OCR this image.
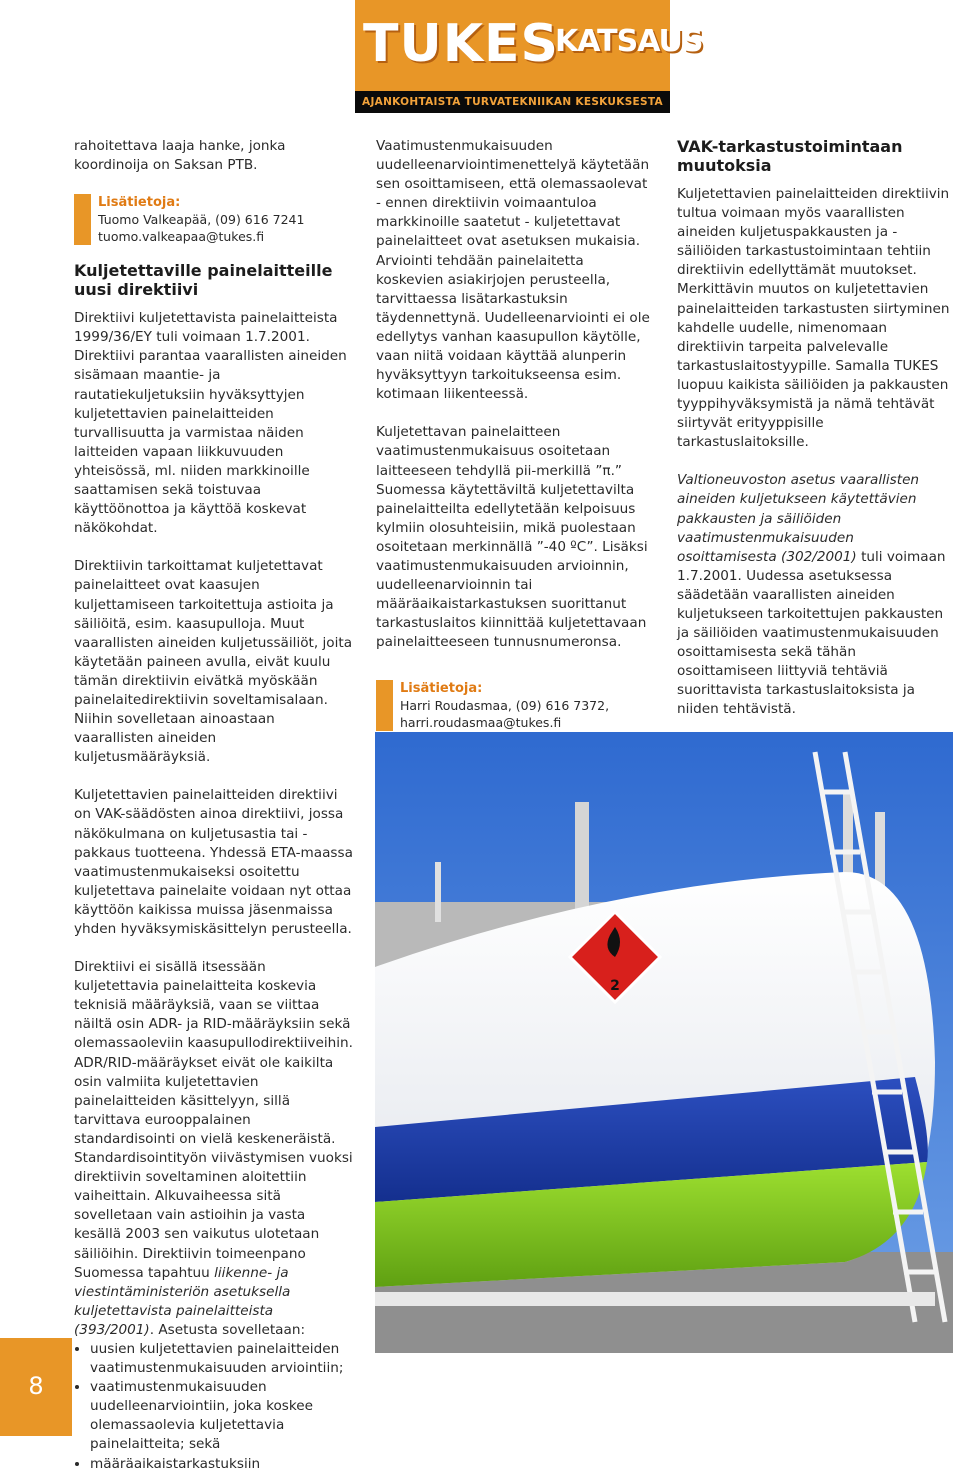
TUKES
KATSAUS
AJANKOHTAISTA TURVATEKNIIKAN KESKUKSESTA

rahoitettava laaja hanke, jonka koordinoija on Saksan PTB.

Lisätietoja:
Tuomo Valkeapää, (09) 616 7241
tuomo.valkeapaa@tukes.fi
Kuljetettaville painelaitteille uusi direktiivi

Direktiivi kuljetettavista painelaitteista 1999/36/EY tuli voimaan 1.7.2001. Direktiivi parantaa vaarallisten aineiden sisämaan maantie- ja rautatiekuljetuksiin hyväksyttyjen kuljetettavien painelaitteiden turvallisuutta ja varmistaa näiden laitteiden vapaan liikkuvuuden yhteisössä, ml. niiden markkinoille saattamisen sekä toistuvaa käyttöönottoa ja käyttöä koskevat näkökohdat.

Direktiivin tarkoittamat kuljetettavat painelaitteet ovat kaasujen kuljettamiseen tarkoitettuja astioita ja säiliöitä, esim. kaasupulloja. Muut vaarallisten aineiden kuljetussäiliöt, joita käytetään paineen avulla, eivät kuulu tämän direktiivin eivätkä myöskään painelaitedirektiivin soveltamisalaan. Niihin sovelletaan ainoastaan vaarallisten aineiden kuljetusmääräyksiä.

Kuljetettavien painelaitteiden direktiivi on VAK-säädösten ainoa direktiivi, jossa näkökulmana on kuljetusastia tai -pakkaus tuotteena. Yhdessä ETA-maassa vaatimustenmukaiseksi osoitettu kuljetettava painelaite voidaan nyt ottaa käyttöön kaikissa muissa jäsenmaissa yhden hyväksymiskäsittelyn perusteella.

Direktiivi ei sisällä itsessään kuljetettavia painelaitteita koskevia teknisiä määräyksiä, vaan se viittaa näiltä osin ADR- ja RID-määräyksiin sekä olemassaoleviin kaasupullodirektiiveihin. ADR/RID-määräykset eivät ole kaikilta osin valmiita kuljetettavien painelaitteiden käsittelyyn, sillä tarvittava eurooppalainen standardisointi on vielä keskeneräistä. Standardisointityön viivästymisen vuoksi direktiivin soveltaminen aloitettiin vaiheittain. Alkuvaiheessa sitä sovelletaan vain astioihin ja vasta kesällä 2003 sen vaikutus ulotetaan säiliöihin. Direktiivin toimeenpano Suomessa tapahtuu liikenne- ja viestintäministeriön asetuksella kuljetettavista painelaitteista (393/2001). Asetusta sovelletaan:

• uusien kuljetettavien painelaitteiden vaatimustenmukaisuuden arviointiin;
• vaatimustenmukaisuuden uudelleenarviointiin, joka koskee olemassaolevia kuljetettavia painelaitteita; sekä
• määräaikaistarkastuksiin

Vaatimustenmukaisuuden uudelleenarviointimenettelyä käytetään sen osoittamiseen, että olemassaolevat - ennen direktiivin voimaantuloa markkinoille saatetut - kuljetettavat painelaitteet ovat asetuksen mukaisia. Arviointi tehdään painelaitetta koskevien asiakirjojen perusteella, tarvittaessa lisätarkastuksin täydennettynä. Uudelleenarviointi ei ole edellytys vanhan kaasupullon käytölle, vaan niitä voidaan käyttää alunperin hyväksyttyyn tarkoitukseensa esim. kotimaan liikenteessä.

Kuljetettavan painelaitteen vaatimustenmukaisuus osoitetaan laitteeseen tehdyllä pii-merkillä ”π.” Suomessa käytettäviltä kuljetettavilta painelaitteilta edellytetään kelpoisuus kylmiin olosuhteisiin, mikä puolestaan osoitetaan merkinnällä ”-40 ºC”. Lisäksi vaatimustenmukaisuuden arvioinnin, uudelleenarvioinnin tai määräaikaistarkastuksen suorittanut tarkastuslaitos kiinnittää kuljetettavaan painelaitteeseen tunnusnumeronsa.

Lisätietoja:
Harri Roudasmaa, (09) 616 7372,
harri.roudasmaa@tukes.fi
VAK-tarkastustoimintaan muutoksia

Kuljetettavien painelaitteiden direktiivin tultua voimaan myös vaarallisten aineiden kuljetuspakkausten ja -säiliöiden tarkastustoimintaan tehtiin direktiivin edellyttämät muutokset. Merkittävin muutos on kuljetettavien painelaitteiden tarkastusten siirtyminen kahdelle uudelle, nimenomaan direktiivin tarpeita palvelevalle tarkastuslaitostyypille. Samalla TUKES luopuu kaikista säiliöiden ja pakkausten tyyppihyväksymistä ja nämä tehtävät siirtyvät erityyppisille tarkastuslaitoksille.

Valtioneuvoston asetus vaarallisten aineiden kuljetukseen käytettävien pakkausten ja säiliöiden vaatimustenmukaisuuden osoittamisesta (302/2001) tuli voimaan 1.7.2001. Uudessa asetuksessa säädetään vaarallisten aineiden kuljetukseen tarkoitettujen pakkausten ja säiliöiden vaatimustenmukaisuuden osoittamisesta sekä tähän osoittamiseen liittyviä tehtäviä suorittavista tarkastuslaitoksista ja niiden tehtävistä.

2
8
